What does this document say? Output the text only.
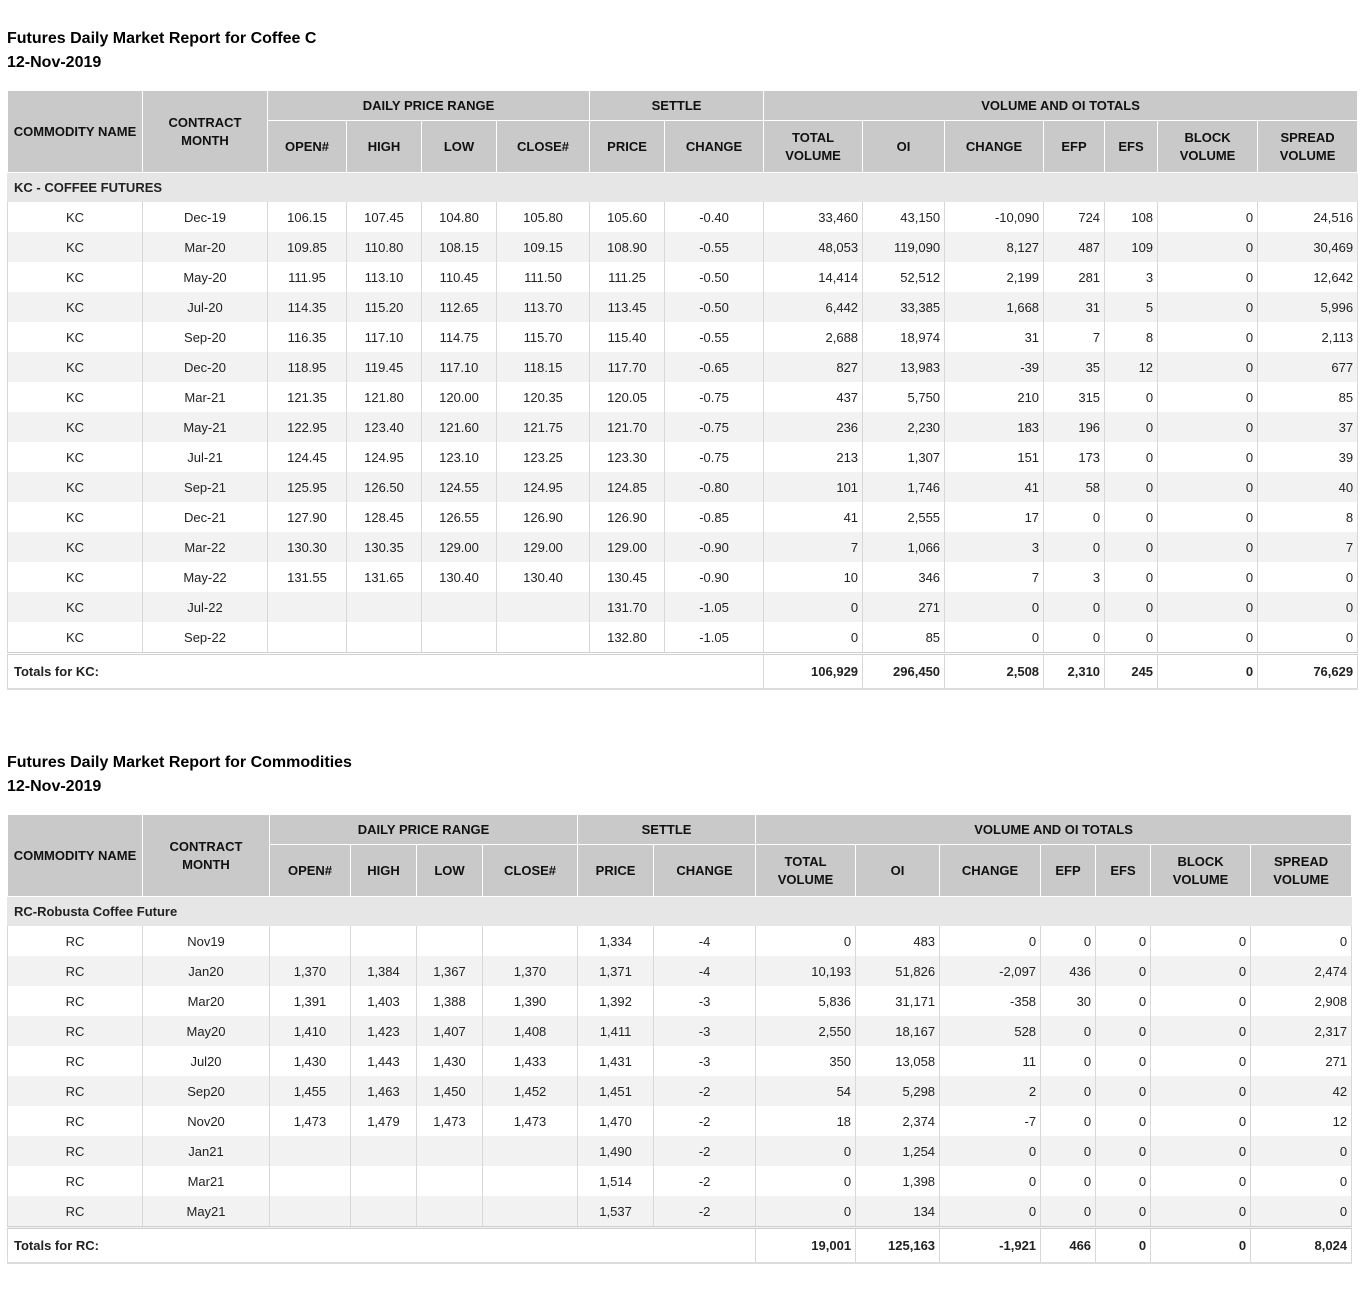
Futures Daily Market Report for Coffee C
12-Nov-2019
COMMODITY NAME	CONTRACT MONTH	DAILY PRICE RANGE				SETTLE		VOLUME AND OI TOTALS						
		OPEN#	HIGH	LOW	CLOSE#	PRICE	CHANGE	TOTAL VOLUME	OI	CHANGE	EFP	EFS	BLOCK VOLUME	SPREAD VOLUME
KC - COFFEE FUTURES														
KC	Dec-19	106.15	107.45	104.80	105.80	105.60	-0.40	33,460	43,150	-10,090	724	108	0	24,516
KC	Mar-20	109.85	110.80	108.15	109.15	108.90	-0.55	48,053	119,090	8,127	487	109	0	30,469
KC	May-20	111.95	113.10	110.45	111.50	111.25	-0.50	14,414	52,512	2,199	281	3	0	12,642
KC	Jul-20	114.35	115.20	112.65	113.70	113.45	-0.50	6,442	33,385	1,668	31	5	0	5,996
KC	Sep-20	116.35	117.10	114.75	115.70	115.40	-0.55	2,688	18,974	31	7	8	0	2,113
KC	Dec-20	118.95	119.45	117.10	118.15	117.70	-0.65	827	13,983	-39	35	12	0	677
KC	Mar-21	121.35	121.80	120.00	120.35	120.05	-0.75	437	5,750	210	315	0	0	85
KC	May-21	122.95	123.40	121.60	121.75	121.70	-0.75	236	2,230	183	196	0	0	37
KC	Jul-21	124.45	124.95	123.10	123.25	123.30	-0.75	213	1,307	151	173	0	0	39
KC	Sep-21	125.95	126.50	124.55	124.95	124.85	-0.80	101	1,746	41	58	0	0	40
KC	Dec-21	127.90	128.45	126.55	126.90	126.90	-0.85	41	2,555	17	0	0	0	8
KC	Mar-22	130.30	130.35	129.00	129.00	129.00	-0.90	7	1,066	3	0	0	0	7
KC	May-22	131.55	131.65	130.40	130.40	130.45	-0.90	10	346	7	3	0	0	0
KC	Jul-22					131.70	-1.05	0	271	0	0	0	0	0
KC	Sep-22					132.80	-1.05	0	85	0	0	0	0	0
Totals for KC:								106,929	296,450	2,508	2,310	245	0	76,629
Futures Daily Market Report for Commodities
12-Nov-2019
COMMODITY NAME	CONTRACT MONTH	DAILY PRICE RANGE				SETTLE		VOLUME AND OI TOTALS						
		OPEN#	HIGH	LOW	CLOSE#	PRICE	CHANGE	TOTAL VOLUME	OI	CHANGE	EFP	EFS	BLOCK VOLUME	SPREAD VOLUME
RC-Robusta Coffee Future														
RC	Nov19					1,334	-4	0	483	0	0	0	0	0
RC	Jan20	1,370	1,384	1,367	1,370	1,371	-4	10,193	51,826	-2,097	436	0	0	2,474
RC	Mar20	1,391	1,403	1,388	1,390	1,392	-3	5,836	31,171	-358	30	0	0	2,908
RC	May20	1,410	1,423	1,407	1,408	1,411	-3	2,550	18,167	528	0	0	0	2,317
RC	Jul20	1,430	1,443	1,430	1,433	1,431	-3	350	13,058	11	0	0	0	271
RC	Sep20	1,455	1,463	1,450	1,452	1,451	-2	54	5,298	2	0	0	0	42
RC	Nov20	1,473	1,479	1,473	1,473	1,470	-2	18	2,374	-7	0	0	0	12
RC	Jan21					1,490	-2	0	1,254	0	0	0	0	0
RC	Mar21					1,514	-2	0	1,398	0	0	0	0	0
RC	May21					1,537	-2	0	134	0	0	0	0	0
Totals for RC:								19,001	125,163	-1,921	466	0	0	8,024
